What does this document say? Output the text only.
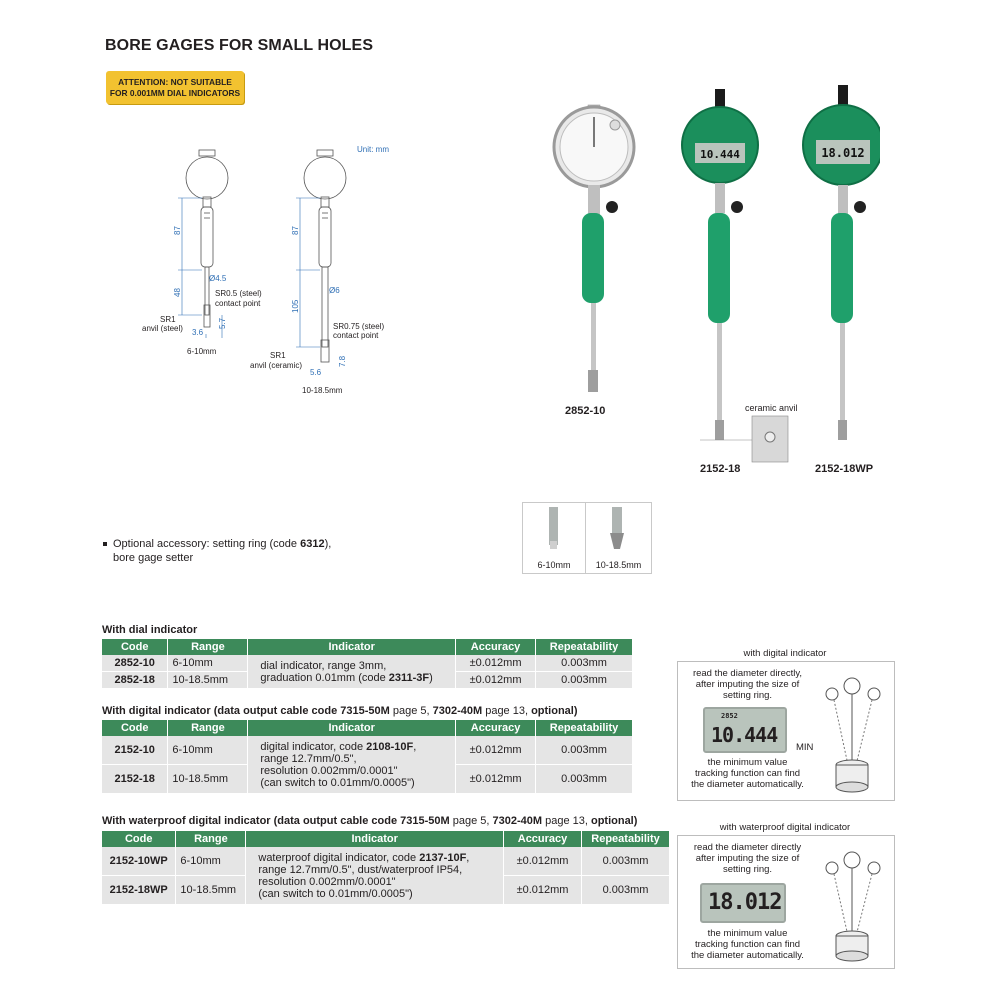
BORE GAGES FOR SMALL HOLES
ATTENTION: NOT SUITABLE
FOR 0.001MM DIAL INDICATORS
Unit: mm
87
48
Ø4.5
SR0.5 (steel)
contact point
SR1
anvil (steel) 3.6
5.7
6-10mm
87
105
Ø6
SR0.75 (steel)
contact point
SR1
anvil (ceramic)
5.6
7.8
10-18.5mm
10.444	18.012
ceramic anvil
2852-10
2152-18	2152-18WP
6-10mm	10-18.5mm
Optional accessory: setting ring (code 6312),
bore gage setter
With dial indicator
Code	Range	Indicator	Accuracy	Repeatability
2852-10	6-10mm	dial indicator, range 3mm,
graduation 0.01mm (code 2311-3F)	±0.012mm	0.003mm
2852-18	10-18.5mm		±0.012mm	0.003mm
With digital indicator (data output cable code 7315-50M page 5, 7302-40M page 13, optional)
Code	Range	Indicator	Accuracy	Repeatability
2152-10	6-10mm	digital indicator, code 2108-10F,
range 12.7mm/0.5",
resolution 0.002mm/0.0001"
(can switch to 0.01mm/0.0005")	±0.012mm	0.003mm
2152-18	10-18.5mm		±0.012mm	0.003mm
With waterproof digital indicator (data output cable code 7315-50M page 5, 7302-40M page 13, optional)
Code	Range	Indicator	Accuracy	Repeatability
2152-10WP	6-10mm	waterproof digital indicator, code 2137-10F,
range 12.7mm/0.5", dust/waterproof IP54,
resolution 0.002mm/0.0001"
(can switch to 0.01mm/0.0005")	±0.012mm	0.003mm
2152-18WP	10-18.5mm		±0.012mm	0.003mm
with digital indicator
read the diameter directly,
after imputing the size of
setting ring.
2852
10.444
MIN
the minimum value
tracking function can find
the diameter automatically.
with waterproof digital indicator
read the diameter directly
after imputing the size of
setting ring.
18.012
the minimum value
tracking function can find
the diameter automatically.
